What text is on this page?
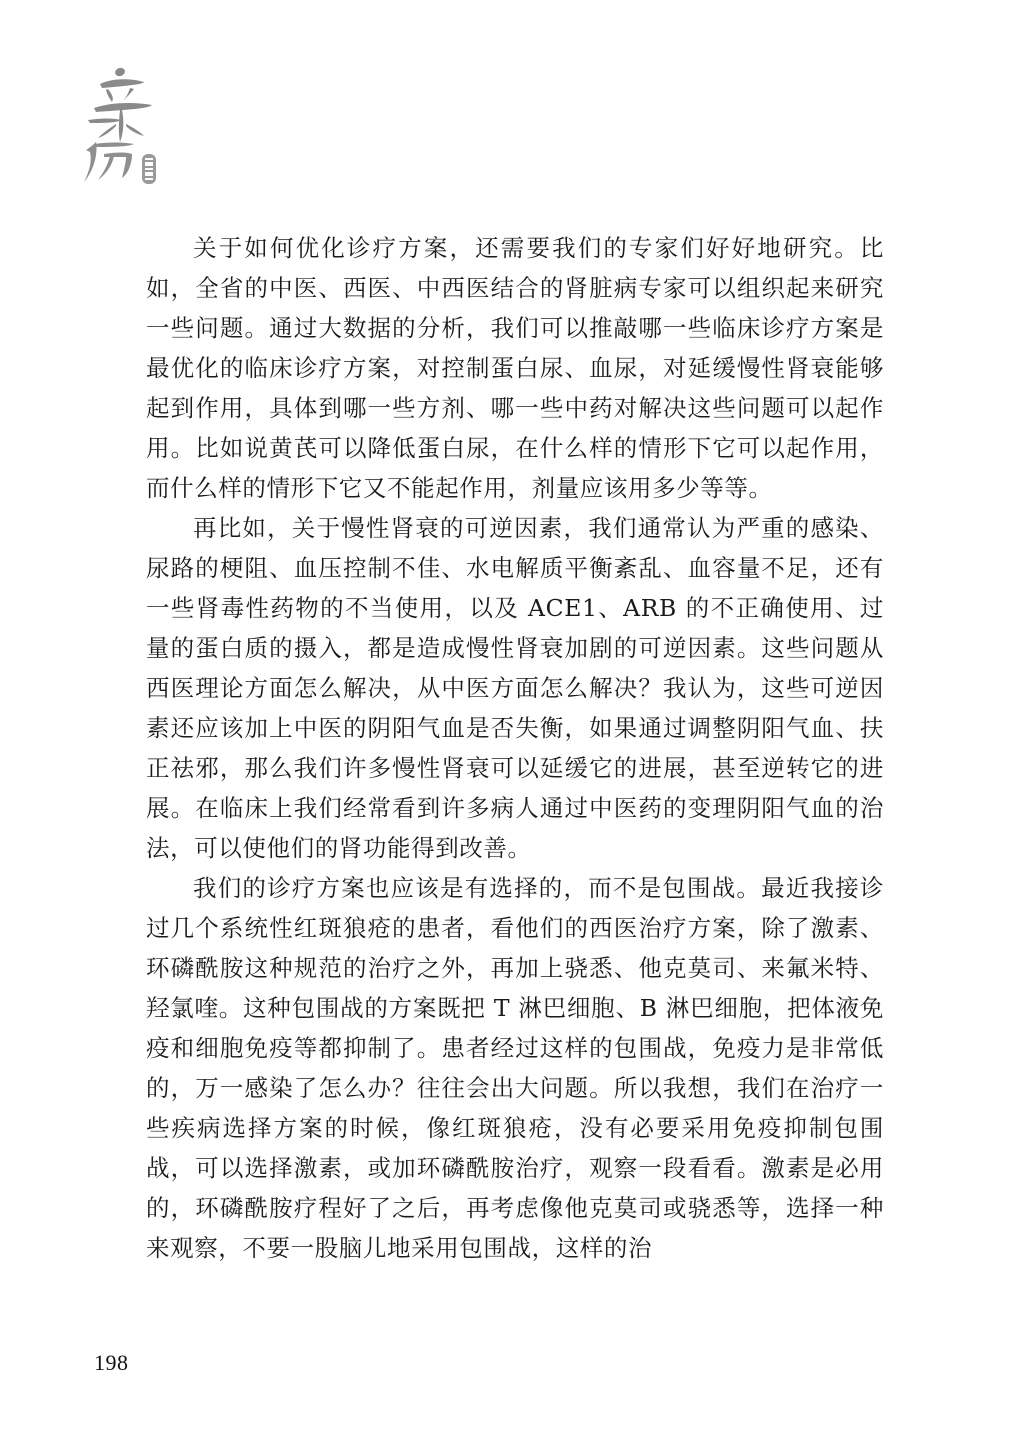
关于如何优化诊疗方案，还需要我们的专家们好好地研究。比如，全省的中医、西医、中西医结合的肾脏病专家可以组织起来研究一些问题。通过大数据的分析，我们可以推敲哪一些临床诊疗方案是最优化的临床诊疗方案，对控制蛋白尿、血尿，对延缓慢性肾衰能够起到作用，具体到哪一些方剂、哪一些中药对解决这些问题可以起作用。比如说黄芪可以降低蛋白尿，在什么样的情形下它可以起作用，而什么样的情形下它又不能起作用，剂量应该用多少等等。

再比如，关于慢性肾衰的可逆因素，我们通常认为严重的感染、尿路的梗阻、血压控制不佳、水电解质平衡紊乱、血容量不足，还有一些肾毒性药物的不当使用，以及 ACE1、ARB 的不正确使用、过量的蛋白质的摄入，都是造成慢性肾衰加剧的可逆因素。这些问题从西医理论方面怎么解决，从中医方面怎么解决？我认为，这些可逆因素还应该加上中医的阴阳气血是否失衡，如果通过调整阴阳气血、扶正祛邪，那么我们许多慢性肾衰可以延缓它的进展，甚至逆转它的进展。在临床上我们经常看到许多病人通过中医药的变理阴阳气血的治法，可以使他们的肾功能得到改善。

我们的诊疗方案也应该是有选择的，而不是包围战。最近我接诊过几个系统性红斑狼疮的患者，看他们的西医治疗方案，除了激素、环磷酰胺这种规范的治疗之外，再加上骁悉、他克莫司、来氟米特、羟氯喹。这种包围战的方案既把 T 淋巴细胞、B 淋巴细胞，把体液免疫和细胞免疫等都抑制了。患者经过这样的包围战，免疫力是非常低的，万一感染了怎么办？往往会出大问题。所以我想，我们在治疗一些疾病选择方案的时候，像红斑狼疮，没有必要采用免疫抑制包围战，可以选择激素，或加环磷酰胺治疗，观察一段看看。激素是必用的，环磷酰胺疗程好了之后，再考虑像他克莫司或骁悉等，选择一种来观察，不要一股脑儿地采用包围战，这样的治

198
